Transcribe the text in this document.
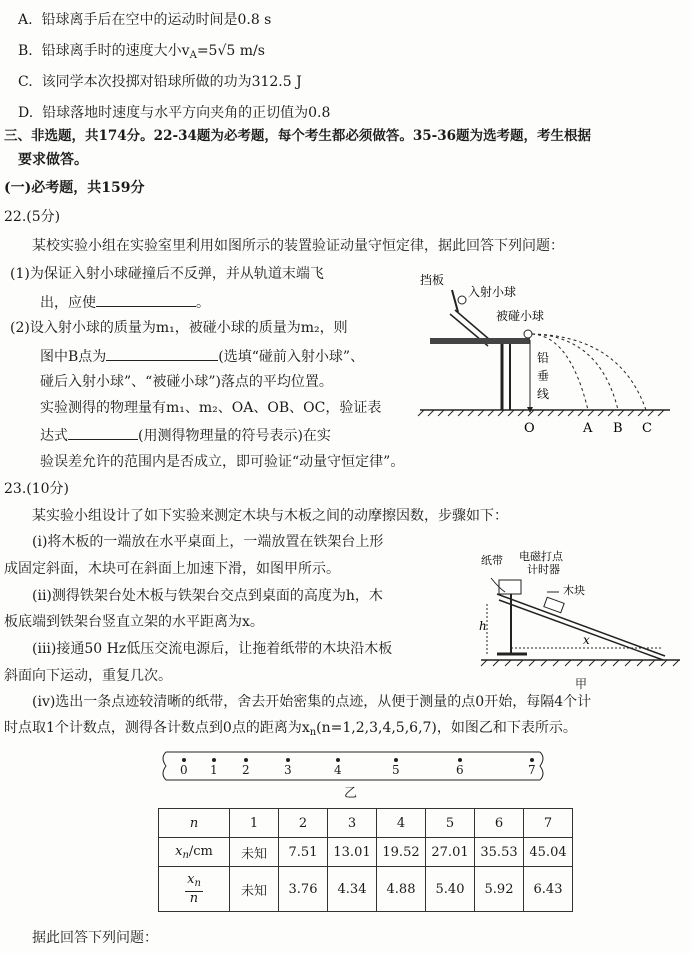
A. 铅球离手后在空中的运动时间是0.8 s
B. 铅球离手时的速度大小$v_A=5√5$ m/s
C. 该同学本次投掷对铅球所做的功为312.5 J
D. 铅球落地时速度与水平方向夹角的正切值为0.8
三、非选题，共174分。22-34题为必考题，每个考生都必须做答。35-36题为选考题，考生根据
要求做答。
(一)必考题，共159分
22.(5分)
某校实验小组在实验室里利用如图所示的装置验证动量守恒定律，据此回答下列问题：
(1)为保证入射小球碰撞后不反弹，并从轨道末端飞
出，应使	。
(2)设入射小球的质量为m₁，被碰小球的质量为m₂，则
图中B点为	(选填“碰前入射小球”、
碰后入射小球”、“被碰小球”)落点的平均位置。
实验测得的物理量有m₁、m₂、OA、OB、OC，验证表
达式	(用测得物理量的符号表示)在实
验误差允许的范围内是否成立，即可验证“动量守恒定律”。
挡板
入射小球
被碰小球
铅
垂
线
O	A B C
23.(10分)
某实验小组设计了如下实验来测定木块与木板之间的动摩擦因数，步骤如下：
(i)将木板的一端放在水平桌面上，一端放置在铁架台上形
成固定斜面，木块可在斜面上加速下滑，如图甲所示。
(ii)测得铁架台处木板与铁架台交点到桌面的高度为h，木
板底端到铁架台竖直立架的水平距离为x。
(iii)接通50 Hz低压交流电源后，让拖着纸带的木块沿木板
斜面向下运动，重复几次。
(iv)选出一条点迹较清晰的纸带，舍去开始密集的点迹，从便于测量的点0开始，每隔4个计
时点取1个计数点，测得各计数点到0点的距离为$x_n(n=1,2,3,4,5,6,7)$，如图乙和下表所示。
纸带 电磁打点
计时器
木块
h
x
甲
0 1 2	3	4	5	6	7
乙
n	1	2	3	4	5	6	7
$x_n/cm$	未知	7.51	13.01	19.52	27.01	35.53	45.04

$\frac{x_n}{n}$	未知	3.76	4.34	4.88	5.40	5.92	6.43
据此回答下列问题：
